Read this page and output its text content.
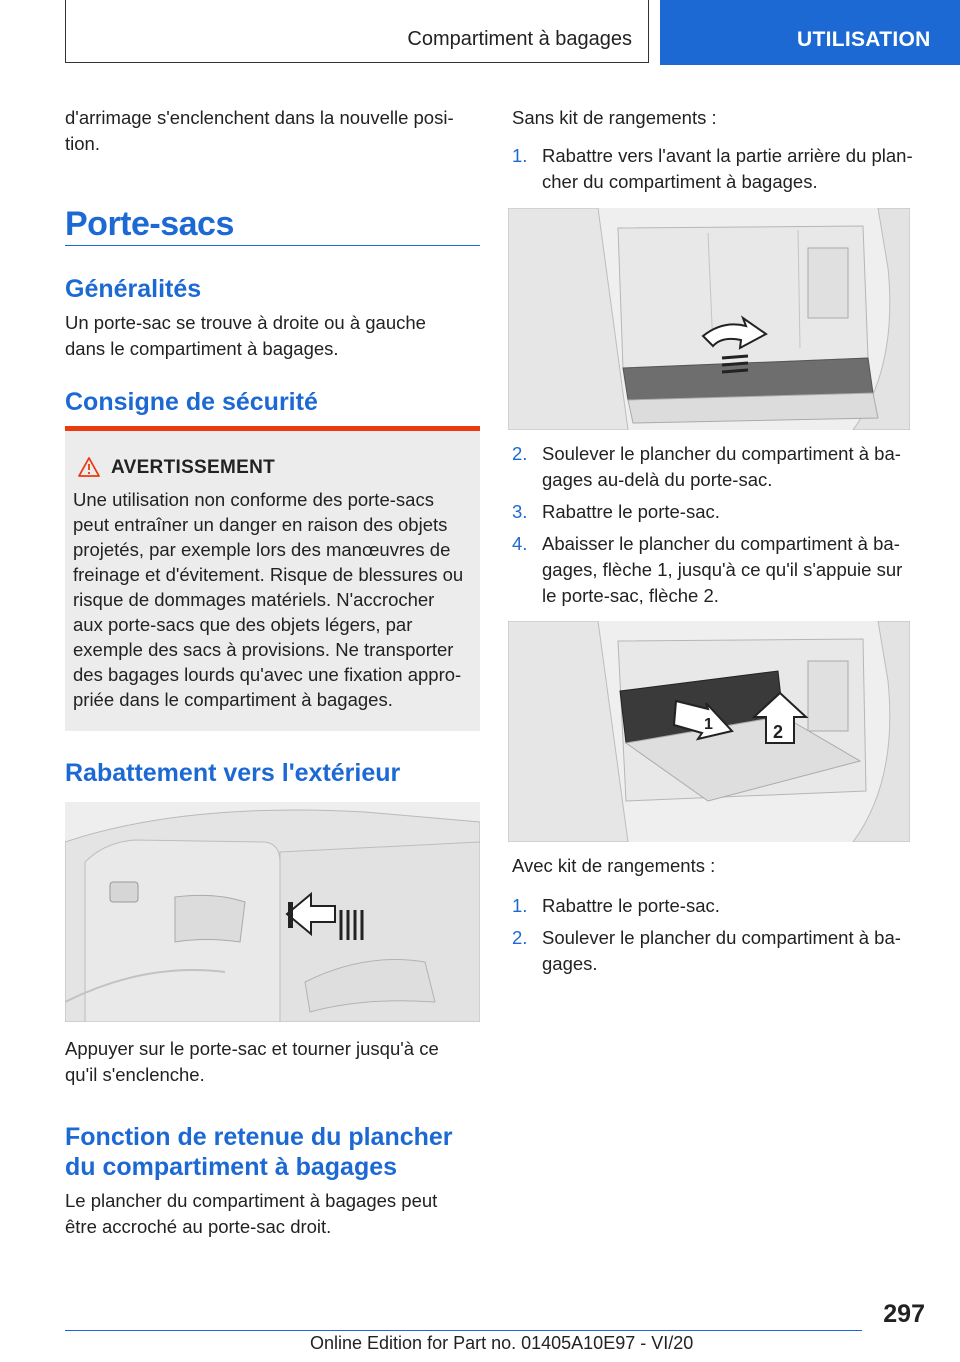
Compartiment à bagages	UTILISATION

d'arrimage s'enclenchent dans la nouvelle posi-
tion.

Porte-sacs
Généralités

Un porte-sac se trouve à droite ou à gauche
dans le compartiment à bagages.

Consigne de sécurité
AVERTISSEMENT

Une utilisation non conforme des porte-sacs
peut entraîner un danger en raison des objets
projetés, par exemple lors des manœuvres de
freinage et d'évitement. Risque de blessures ou
risque de dommages matériels. N'accrocher
aux porte-sacs que des objets légers, par
exemple des sacs à provisions. Ne transporter
des bagages lourds qu'avec une fixation appro-
priée dans le compartiment à bagages.

Rabattement vers l'extérieur

Appuyer sur le porte-sac et tourner jusqu'à ce
qu'il s'enclenche.

Fonction de retenue du plancher
du compartiment à bagages

Le plancher du compartiment à bagages peut
être accroché au porte-sac droit.

Sans kit de rangements :

1. Rabattre vers l'avant la partie arrière du plan-
cher du compartiment à bagages.
2. Soulever le plancher du compartiment à ba-
gages au-delà du porte-sac.
3. Rabattre le porte-sac.
4. Abaisser le plancher du compartiment à ba-
gages, flèche 1, jusqu'à ce qu'il s'appuie sur
le porte-sac, flèche 2.
1	2

Avec kit de rangements :

1. Rabattre le porte-sac.
2. Soulever le plancher du compartiment à ba-
gages.
297
Online Edition for Part no. 01405A10E97 - VI/20
